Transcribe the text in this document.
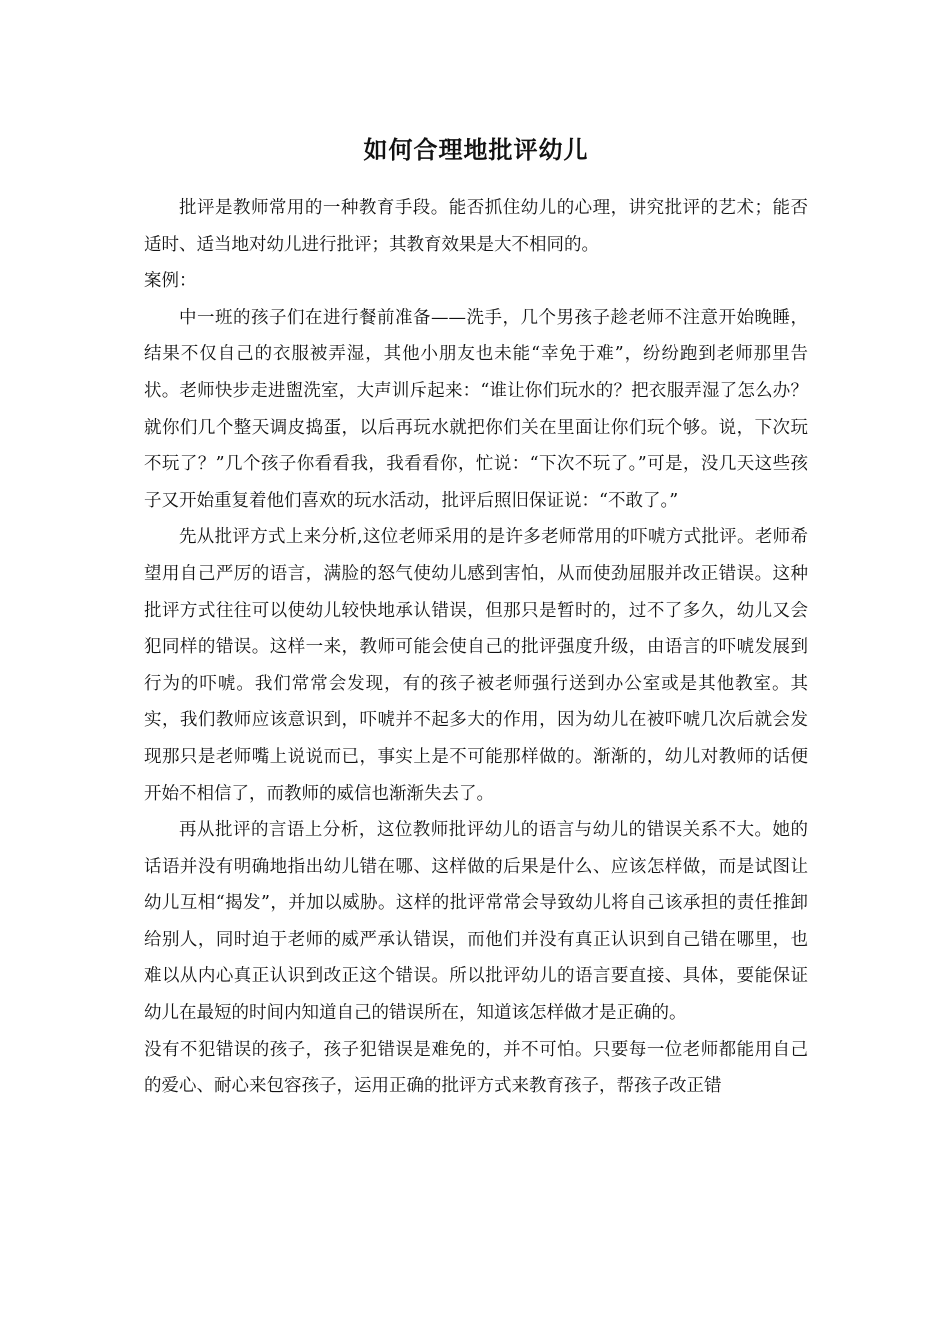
如何合理地批评幼儿

批评是教师常用的一种教育手段。能否抓住幼儿的心理，讲究批评的艺术；能否适时、适当地对幼儿进行批评；其教育效果是大不相同的。

案例：

中一班的孩子们在进行餐前准备——洗手，几个男孩子趁老师不注意开始晚睡，结果不仅自己的衣服被弄湿，其他小朋友也未能“幸免于难”，纷纷跑到老师那里告状。老师快步走进盥洗室，大声训斥起来：“谁让你们玩水的？把衣服弄湿了怎么办？就你们几个整天调皮捣蛋，以后再玩水就把你们关在里面让你们玩个够。说，下次玩不玩了？”几个孩子你看看我，我看看你，忙说：“下次不玩了。”可是，没几天这些孩子又开始重复着他们喜欢的玩水活动，批评后照旧保证说：“不敢了。”

先从批评方式上来分析,这位老师采用的是许多老师常用的吓唬方式批评。老师希望用自己严厉的语言，满脸的怒气使幼儿感到害怕，从而使劲屈服并改正错误。这种批评方式往往可以使幼儿较快地承认错误，但那只是暂时的，过不了多久，幼儿又会犯同样的错误。这样一来，教师可能会使自己的批评强度升级，由语言的吓唬发展到行为的吓唬。我们常常会发现，有的孩子被老师强行送到办公室或是其他教室。其实，我们教师应该意识到，吓唬并不起多大的作用，因为幼儿在被吓唬几次后就会发现那只是老师嘴上说说而已，事实上是不可能那样做的。渐渐的，幼儿对教师的话便开始不相信了，而教师的威信也渐渐失去了。

再从批评的言语上分析，这位教师批评幼儿的语言与幼儿的错误关系不大。她的话语并没有明确地指出幼儿错在哪、这样做的后果是什么、应该怎样做，而是试图让幼儿互相“揭发”，并加以威胁。这样的批评常常会导致幼儿将自己该承担的责任推卸给别人，同时迫于老师的威严承认错误，而他们并没有真正认识到自己错在哪里，也难以从内心真正认识到改正这个错误。所以批评幼儿的语言要直接、具体，要能保证幼儿在最短的时间内知道自己的错误所在，知道该怎样做才是正确的。

没有不犯错误的孩子，孩子犯错误是难免的，并不可怕。只要每一位老师都能用自己的爱心、耐心来包容孩子，运用正确的批评方式来教育孩子，帮孩子改正错
